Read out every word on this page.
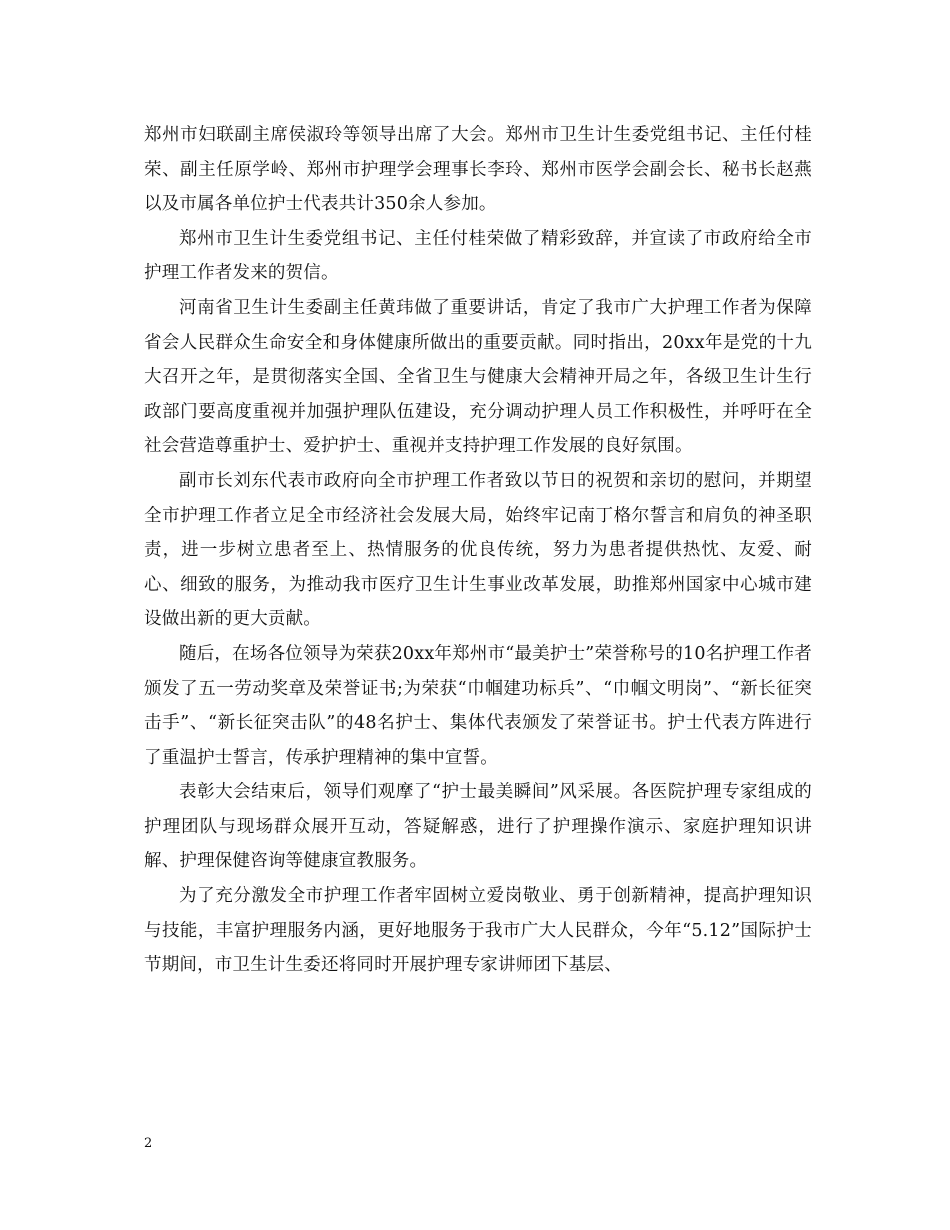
郑州市妇联副主席侯淑玲等领导出席了大会。郑州市卫生计生委党组书记、主任付桂荣、副主任原学岭、郑州市护理学会理事长李玲、郑州市医学会副会长、秘书长赵燕以及市属各单位护士代表共计350余人参加。

郑州市卫生计生委党组书记、主任付桂荣做了精彩致辞，并宣读了市政府给全市护理工作者发来的贺信。

河南省卫生计生委副主任黄玮做了重要讲话，肯定了我市广大护理工作者为保障省会人民群众生命安全和身体健康所做出的重要贡献。同时指出，20xx年是党的十九大召开之年，是贯彻落实全国、全省卫生与健康大会精神开局之年，各级卫生计生行政部门要高度重视并加强护理队伍建设，充分调动护理人员工作积极性，并呼吁在全社会营造尊重护士、爱护护士、重视并支持护理工作发展的良好氛围。

副市长刘东代表市政府向全市护理工作者致以节日的祝贺和亲切的慰问，并期望全市护理工作者立足全市经济社会发展大局，始终牢记南丁格尔誓言和肩负的神圣职责，进一步树立患者至上、热情服务的优良传统，努力为患者提供热忱、友爱、耐心、细致的服务，为推动我市医疗卫生计生事业改革发展，助推郑州国家中心城市建设做出新的更大贡献。

随后，在场各位领导为荣获20xx年郑州市“最美护士”荣誉称号的10名护理工作者颁发了五一劳动奖章及荣誉证书;为荣获“巾帼建功标兵”、“巾帼文明岗”、“新长征突击手”、“新长征突击队”的48名护士、集体代表颁发了荣誉证书。护士代表方阵进行了重温护士誓言，传承护理精神的集中宣誓。

表彰大会结束后，领导们观摩了“护士最美瞬间”风采展。各医院护理专家组成的护理团队与现场群众展开互动，答疑解惑，进行了护理操作演示、家庭护理知识讲解、护理保健咨询等健康宣教服务。

为了充分激发全市护理工作者牢固树立爱岗敬业、勇于创新精神，提高护理知识与技能，丰富护理服务内涵，更好地服务于我市广大人民群众，今年“5.12”国际护士节期间，市卫生计生委还将同时开展护理专家讲师团下基层、

2
